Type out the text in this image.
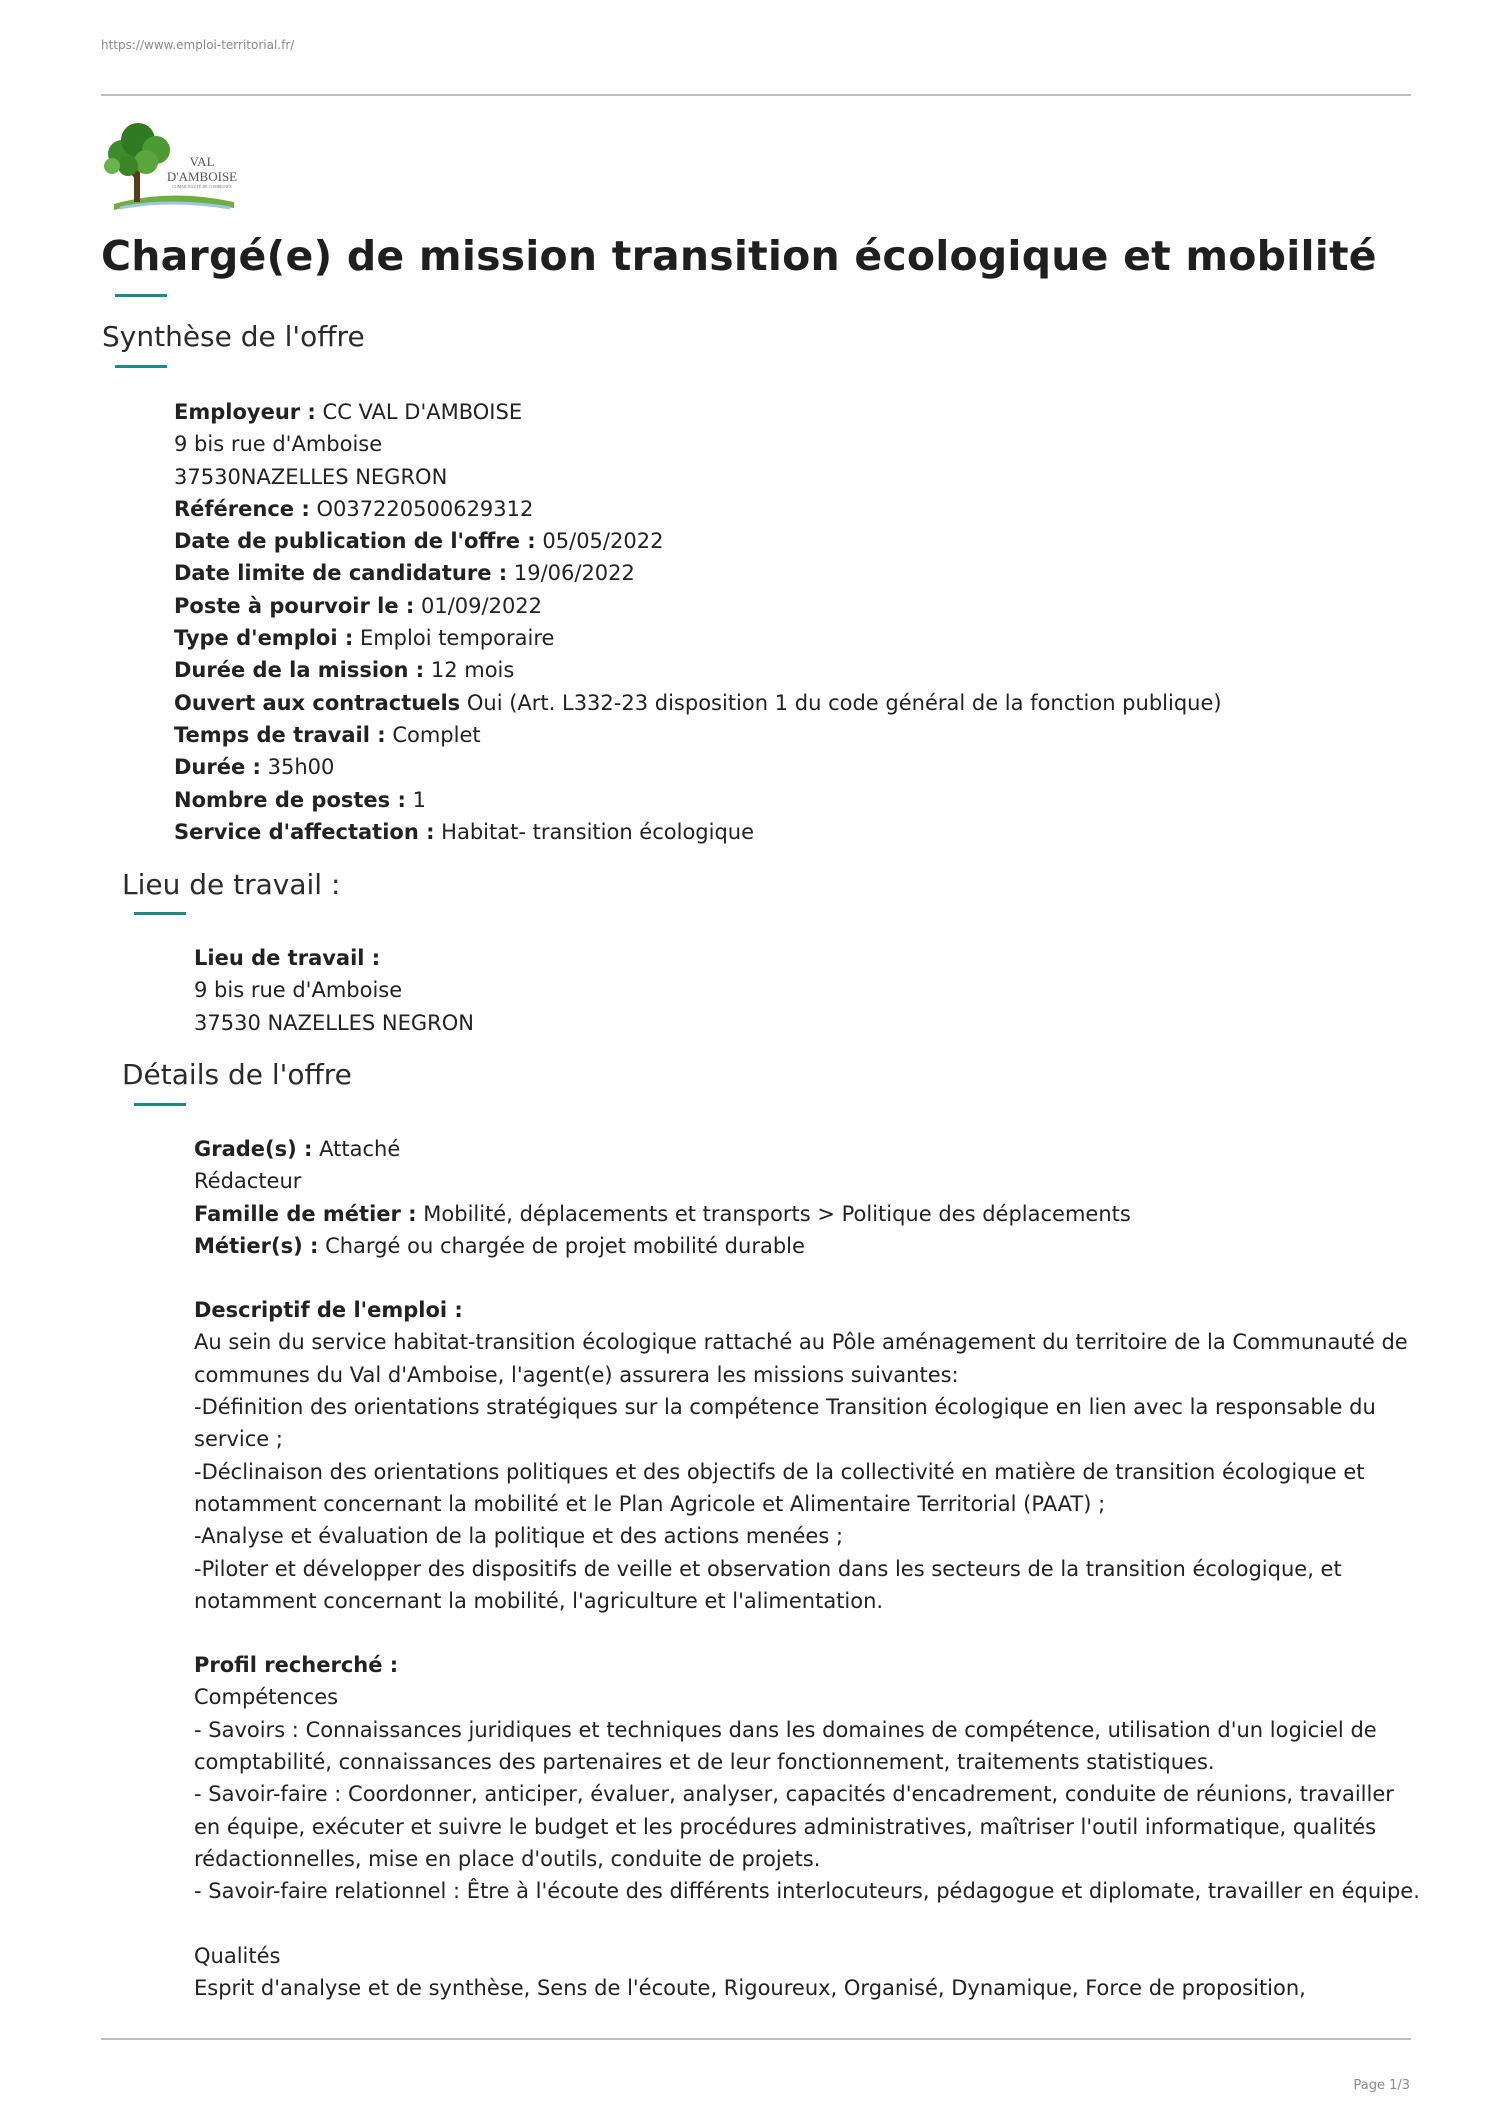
https://www.emploi-territorial.fr/
VAL
D'AMBOISE
COMMUNAUTÉ DE COMMUNES
Chargé(e) de mission transition écologique et mobilité
Synthèse de l'offre
Employeur : CC VAL D'AMBOISE
9 bis rue d'Amboise
37530NAZELLES NEGRON
Référence : O037220500629312
Date de publication de l'offre : 05/05/2022
Date limite de candidature : 19/06/2022
Poste à pourvoir le : 01/09/2022
Type d'emploi : Emploi temporaire
Durée de la mission : 12 mois
Ouvert aux contractuels Oui (Art. L332-23 disposition 1 du code général de la fonction publique)
Temps de travail : Complet
Durée : 35h00
Nombre de postes : 1
Service d'affectation : Habitat- transition écologique
Lieu de travail :
Lieu de travail :
9 bis rue d'Amboise
37530 NAZELLES NEGRON
Détails de l'offre
Grade(s) : Attaché
Rédacteur
Famille de métier : Mobilité, déplacements et transports > Politique des déplacements
Métier(s) : Chargé ou chargée de projet mobilité durable
Descriptif de l'emploi :
Au sein du service habitat-transition écologique rattaché au Pôle aménagement du territoire de la Communauté de
communes du Val d'Amboise, l'agent(e) assurera les missions suivantes:
-Définition des orientations stratégiques sur la compétence Transition écologique en lien avec la responsable du
service ;
-Déclinaison des orientations politiques et des objectifs de la collectivité en matière de transition écologique et
notamment concernant la mobilité et le Plan Agricole et Alimentaire Territorial (PAAT) ;
-Analyse et évaluation de la politique et des actions menées ;
-Piloter et développer des dispositifs de veille et observation dans les secteurs de la transition écologique, et
notamment concernant la mobilité, l'agriculture et l'alimentation.
Profil recherché :
Compétences
- Savoirs : Connaissances juridiques et techniques dans les domaines de compétence, utilisation d'un logiciel de
comptabilité, connaissances des partenaires et de leur fonctionnement, traitements statistiques.
- Savoir-faire : Coordonner, anticiper, évaluer, analyser, capacités d'encadrement, conduite de réunions, travailler
en équipe, exécuter et suivre le budget et les procédures administratives, maîtriser l'outil informatique, qualités
rédactionnelles, mise en place d'outils, conduite de projets.
- Savoir-faire relationnel : Être à l'écoute des différents interlocuteurs, pédagogue et diplomate, travailler en équipe.
Qualités
Esprit d'analyse et de synthèse, Sens de l'écoute, Rigoureux, Organisé, Dynamique, Force de proposition,
Page 1/3
